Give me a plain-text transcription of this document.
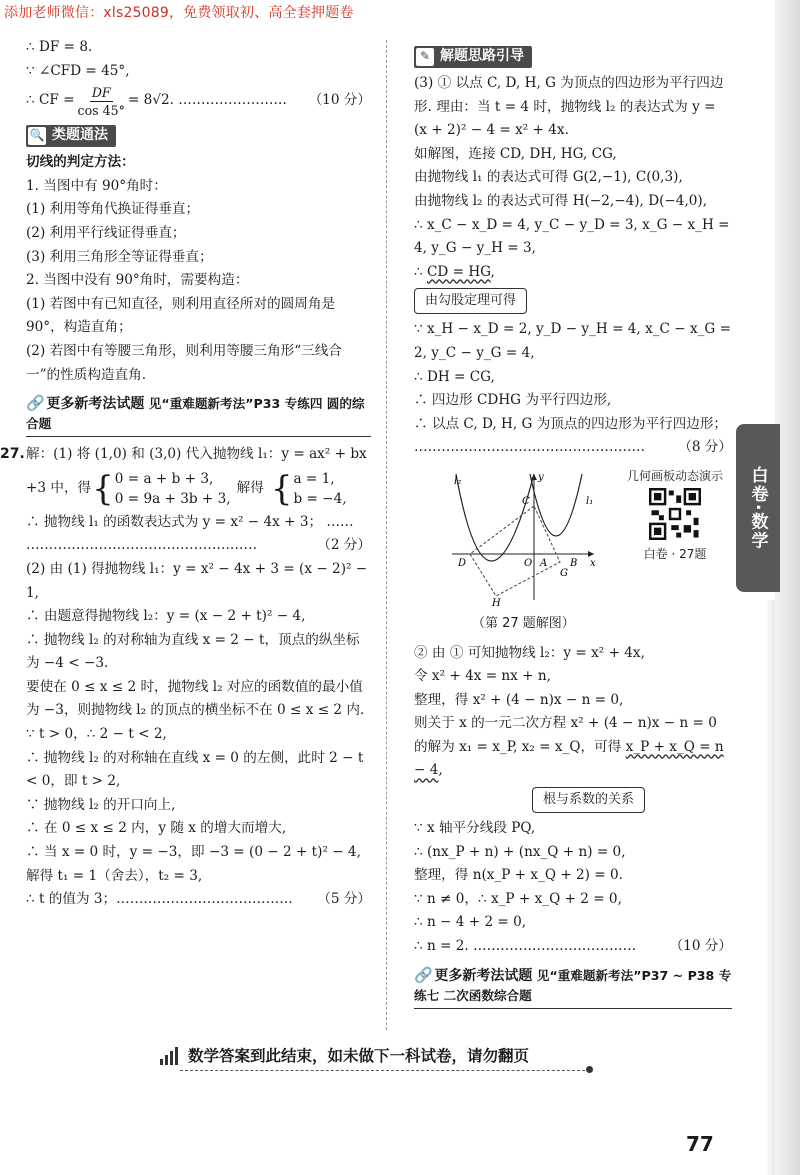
添加老师微信：xls25089，免费领取初、高全套押题卷
∴ DF = 8.
∵ ∠CFD = 45°,
∴ CF = $\frac{DF}{\cos 45^\circ} = 8√2$. …………………… （10 分）
🔍 类题通法
切线的判定方法：
1. 当图中有 90°角时：
(1) 利用等角代换证得垂直；
(2) 利用平行线证得垂直；
(3) 利用三角形全等证得垂直；
2. 当图中没有 90°角时，需要构造：
(1) 若图中有已知直径，则利用直径所对的圆周角是 90°，构造直角；
(2) 若图中有等腰三角形，则利用等腰三角形“三线合一”的性质构造直角.
🔗 更多新考法试题 见“重难题新考法”P33 专练四 圆的综合题
27. 解：(1) 将 (1,0) 和 (3,0) 代入抛物线 l₁：y = ax² + bx
+3 中，得 { 0 = a + b + 3,
0 = 9a + 3b + 3,
解得 { a = 1,
b = −4,
∴ 抛物线 l₁ 的函数表达式为 y = x² − 4x + 3； ……
……………………………………………	（2 分）
(2) 由 (1) 得抛物线 l₁：y = x² − 4x + 3 = (x − 2)² − 1,
∴ 由题意得抛物线 l₂：y = (x − 2 + t)² − 4,
∴ 抛物线 l₂ 的对称轴为直线 x = 2 − t，顶点的纵坐标为 −4 < −3.
要使在 0 ≤ x ≤ 2 时，抛物线 l₂ 对应的函数值的最小值为 −3，则抛物线 l₂ 的顶点的横坐标不在 0 ≤ x ≤ 2 内.
∵ t > 0，∴ 2 − t < 2,
∴ 抛物线 l₂ 的对称轴在直线 x = 0 的左侧，此时 2 − t < 0，即 t > 2,
∵ 抛物线 l₂ 的开口向上,
∴ 在 0 ≤ x ≤ 2 内，y 随 x 的增大而增大,
∴ 当 x = 0 时，y = −3，即 −3 = (0 − 2 + t)² − 4,
解得 t₁ = 1（舍去），t₂ = 3,
∴ t 的值为 3；………………………………… （5 分）
✎ 解题思路引导
(3) ① 以点 C, D, H, G 为顶点的四边形为平行四边形. 理由：当 t = 4 时，抛物线 l₂ 的表达式为 y = (x + 2)² − 4 = x² + 4x.
如解图，连接 CD, DH, HG, CG,
由抛物线 l₁ 的表达式可得 G(2,−1), C(0,3),
由抛物线 l₂ 的表达式可得 H(−2,−4), D(−4,0),
∴ x_C − x_D = 4, y_C − y_D = 3, x_G − x_H = 4, y_G − y_H = 3,
∴ CD = HG,
由勾股定理可得
∵ x_H − x_D = 2, y_D − y_H = 4, x_C − x_G = 2, y_C − y_G = 4,
∴ DH = CG,
∴ 四边形 CDHG 为平行四边形,
∴ 以点 C, D, H, G 为顶点的四边形为平行四边形；
…………………………………………… （8 分）
l₂
l₁
y
x
C
D	O A B
G
H
几何画板动态演示
白卷 · 27题
（第 27 题解图）
② 由 ① 可知抛物线 l₂：y = x² + 4x,
令 x² + 4x = nx + n,
整理，得 x² + (4 − n)x − n = 0,
则关于 x 的一元二次方程 x² + (4 − n)x − n = 0 的解为 x₁ = x_P, x₂ = x_Q，可得 x_P + x_Q = n − 4,
根与系数的关系
∵ x 轴平分线段 PQ,
∴ (nx_P + n) + (nx_Q + n) = 0,
整理，得 n(x_P + x_Q + 2) = 0.
∵ n ≠ 0，∴ x_P + x_Q + 2 = 0,
∴ n − 4 + 2 = 0,
∴ n = 2. ……………………………… （10 分）
🔗 更多新考法试题 见“重难题新考法”P37 ~ P38 专练七 二次函数综合题
白卷·数学
数学答案到此结束，如未做下一科试卷，请勿翻页
77
